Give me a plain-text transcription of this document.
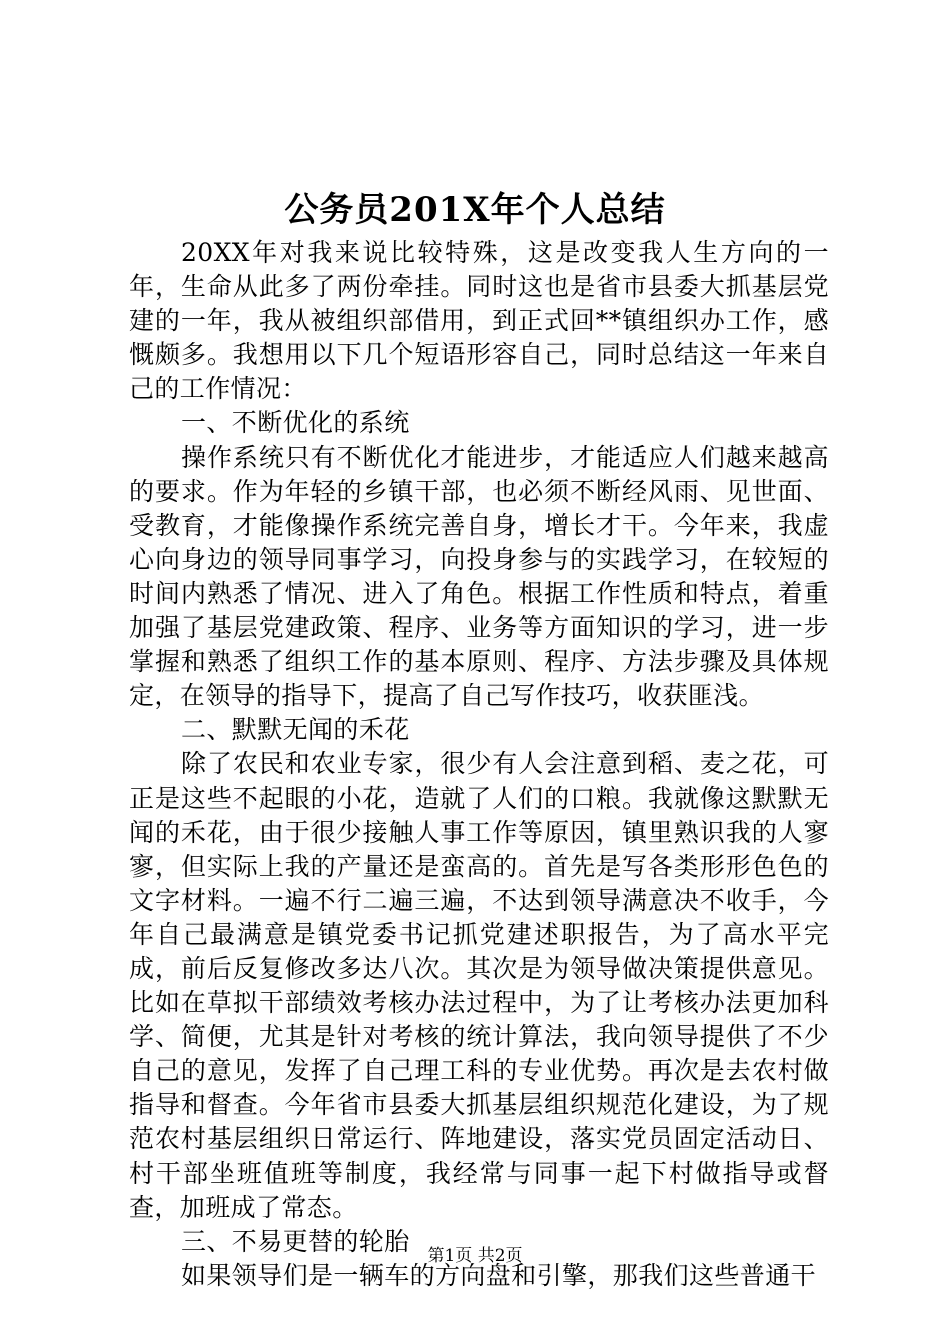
公务员201X年个人总结

20XX年对我来说比较特殊，这是改变我人生方向的一年，生命从此多了两份牵挂。同时这也是省市县委大抓基层党建的一年，我从被组织部借用，到正式回**镇组织办工作，感慨颇多。我想用以下几个短语形容自己，同时总结这一年来自己的工作情况：

一、不断优化的系统

操作系统只有不断优化才能进步，才能适应人们越来越高的要求。作为年轻的乡镇干部，也必须不断经风雨、见世面、受教育，才能像操作系统完善自身，增长才干。今年来，我虚心向身边的领导同事学习，向投身参与的实践学习，在较短的时间内熟悉了情况、进入了角色。根据工作性质和特点，着重加强了基层党建政策、程序、业务等方面知识的学习，进一步掌握和熟悉了组织工作的基本原则、程序、方法步骤及具体规定，在领导的指导下，提高了自己写作技巧，收获匪浅。

二、默默无闻的禾花

除了农民和农业专家，很少有人会注意到稻、麦之花，可正是这些不起眼的小花，造就了人们的口粮。我就像这默默无闻的禾花，由于很少接触人事工作等原因，镇里熟识我的人寥寥，但实际上我的产量还是蛮高的。首先是写各类形形色色的文字材料。一遍不行二遍三遍，不达到领导满意决不收手，今年自己最满意是镇党委书记抓党建述职报告，为了高水平完成，前后反复修改多达八次。其次是为领导做决策提供意见。比如在草拟干部绩效考核办法过程中，为了让考核办法更加科学、简便，尤其是针对考核的统计算法，我向领导提供了不少自己的意见，发挥了自己理工科的专业优势。再次是去农村做指导和督查。今年省市县委大抓基层组织规范化建设，为了规范农村基层组织日常运行、阵地建设，落实党员固定活动日、村干部坐班值班等制度，我经常与同事一起下村做指导或督查，加班成了常态。

三、不易更替的轮胎

如果领导们是一辆车的方向盘和引擎，那我们这些普通干

第1页 共2页
